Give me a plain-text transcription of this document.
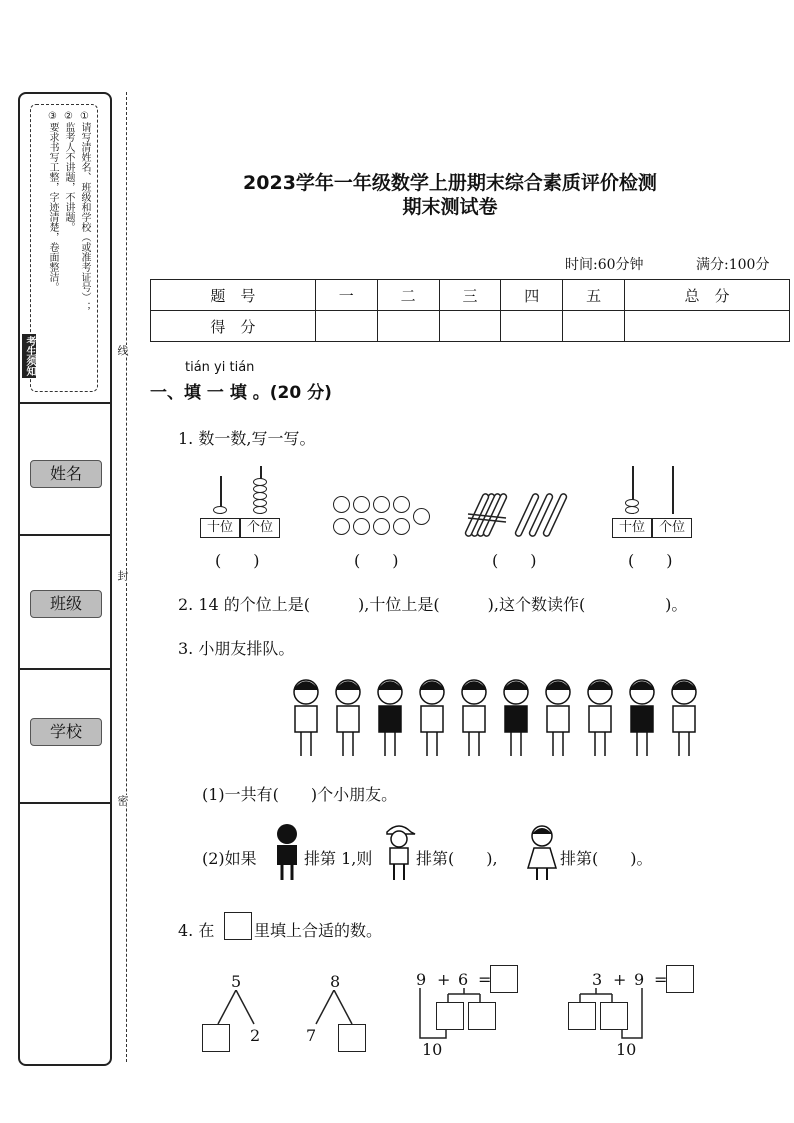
①请写清姓名、班级和学校（或准考证号）；
②监考人不讲题，不讲题。
③要求书写工整，字迹清楚，卷面整洁。
考生须知
姓名
班级
学校
线
封
密
2023学年一年级数学上册期末综合素质评价检测
期末测试卷
时间:60分钟	满分:100分
题　号	一	二	三	四	五	总　分
得　分						
tián yi tián
一、填 一 填 。(20 分)
1. 数一数,写一写。
十位	个位
(　　)	(　　)	(　　)
十位	个位
(　　)
2. 14 的个位上是(　　　),十位上是(　　　),这个数读作(　　　　　)。
3. 小朋友排队。
(1)一共有(　　)个小朋友。
(2)如果	排第 1,则	排第(　　),	排第(　　)。
4. 在 里填上合适的数。
5
2
8
7
9 + 6 =
10
3 + 9 =
10
